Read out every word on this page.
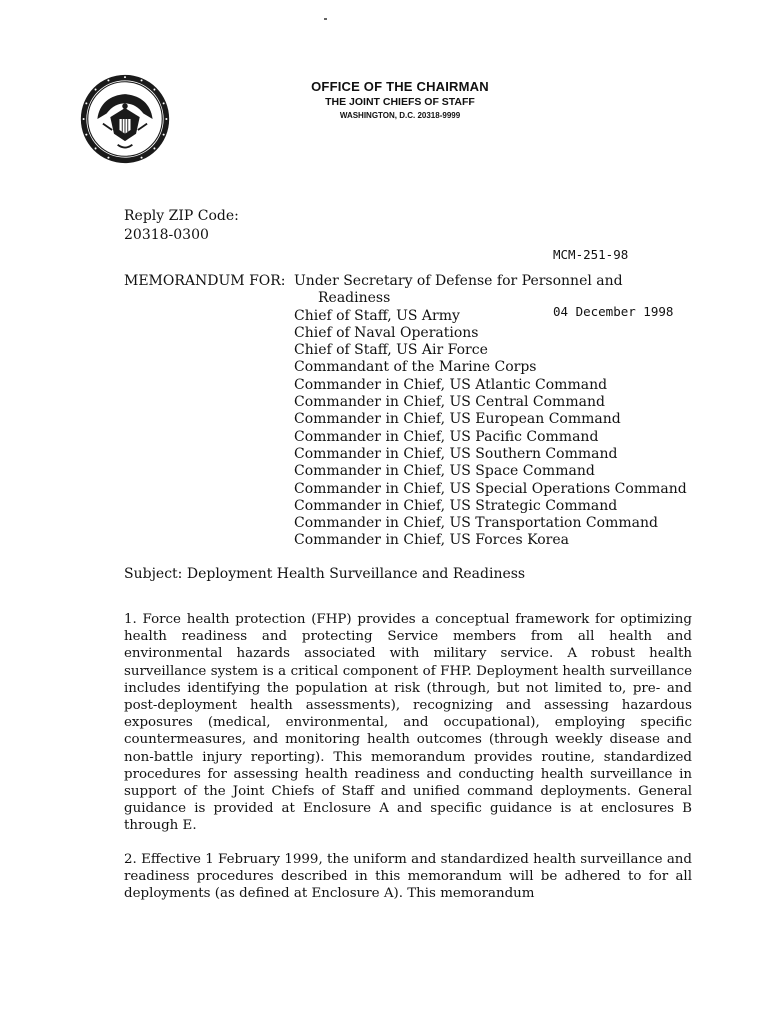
OFFICE OF THE CHAIRMAN
THE JOINT CHIEFS OF STAFF
WASHINGTON, D.C. 20318-9999
Reply ZIP Code:
20318-0300

MCM-251-98

04 December 1998

MEMORANDUM FOR: Under Secretary of Defense for Personnel and
Readiness
Chief of Staff, US Army
Chief of Naval Operations
Chief of Staff, US Air Force
Commandant of the Marine Corps
Commander in Chief, US Atlantic Command
Commander in Chief, US Central Command
Commander in Chief, US European Command
Commander in Chief, US Pacific Command
Commander in Chief, US Southern Command
Commander in Chief, US Space Command
Commander in Chief, US Special Operations Command
Commander in Chief, US Strategic Command
Commander in Chief, US Transportation Command
Commander in Chief, US Forces Korea
Subject: Deployment Health Surveillance and Readiness

1. Force health protection (FHP) provides a conceptual framework for optimizing health readiness and protecting Service members from all health and environmental hazards associated with military service. A robust health surveillance system is a critical component of FHP. Deployment health surveillance includes identifying the population at risk (through, but not limited to, pre- and post-deployment health assessments), recognizing and assessing hazardous exposures (medical, environmental, and occupational), employing specific countermeasures, and monitoring health outcomes (through weekly disease and non-battle injury reporting). This memorandum provides routine, standardized procedures for assessing health readiness and conducting health surveillance in support of the Joint Chiefs of Staff and unified command deployments. General guidance is provided at Enclosure A and specific guidance is at enclosures B through E.

2. Effective 1 February 1999, the uniform and standardized health surveillance and readiness procedures described in this memorandum will be adhered to for all deployments (as defined at Enclosure A). This memorandum
